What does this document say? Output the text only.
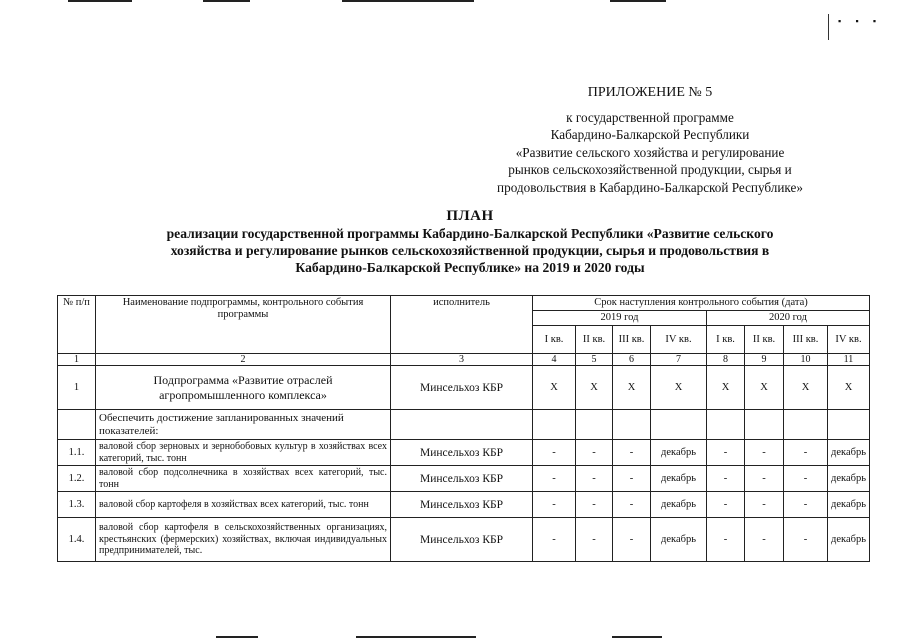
▪ ▪ ▪
ПРИЛОЖЕНИЕ № 5
к государственной программе
Кабардино-Балкарской Республики
«Развитие сельского хозяйства и регулирование
рынков сельскохозяйственной продукции, сырья и
продовольствия в Кабардино-Балкарской Республике»
ПЛАН
реализации государственной программы Кабардино-Балкарской Республики «Развитие сельского
хозяйства и регулирование рынков сельскохозяйственной продукции, сырья и продовольствия в
Кабардино-Балкарской Республике» на 2019 и 2020 годы
№ п/п	Наименование подпрограммы, контрольного события программы	исполнитель	Срок наступления контрольного события (дата)							
			2019 год				2020 год			
			I кв.	II кв.	III кв.	IV кв.	I кв.	II кв.	III кв.	IV кв.
1	2	3	4	5	6	7	8	9	10	11
1	Подпрограмма «Развитие отраслей агропромышленного комплекса»	Минсельхоз КБР	Х	Х	Х	Х	Х	Х	Х	Х
	Обеспечить достижение запланированных значений показателей:									
1.1.	валовой сбор зерновых и зернобобовых культур в хозяйствах всех категорий, тыс. тонн	Минсельхоз КБР	-	-	-	декабрь	-	-	-	декабрь
1.2.	валовой сбор подсолнечника в хозяйствах всех категорий, тыс. тонн	Минсельхоз КБР	-	-	-	декабрь	-	-	-	декабрь
1.3.	валовой сбор картофеля в хозяйствах всех категорий, тыс. тонн	Минсельхоз КБР	-	-	-	декабрь	-	-	-	декабрь
1.4.	валовой сбор картофеля в сельскохозяйственных организациях, крестьянских (фермерских) хозяйствах, включая индивидуальных предпринимателей, тыс.	Минсельхоз КБР	-	-	-	декабрь	-	-	-	декабрь
